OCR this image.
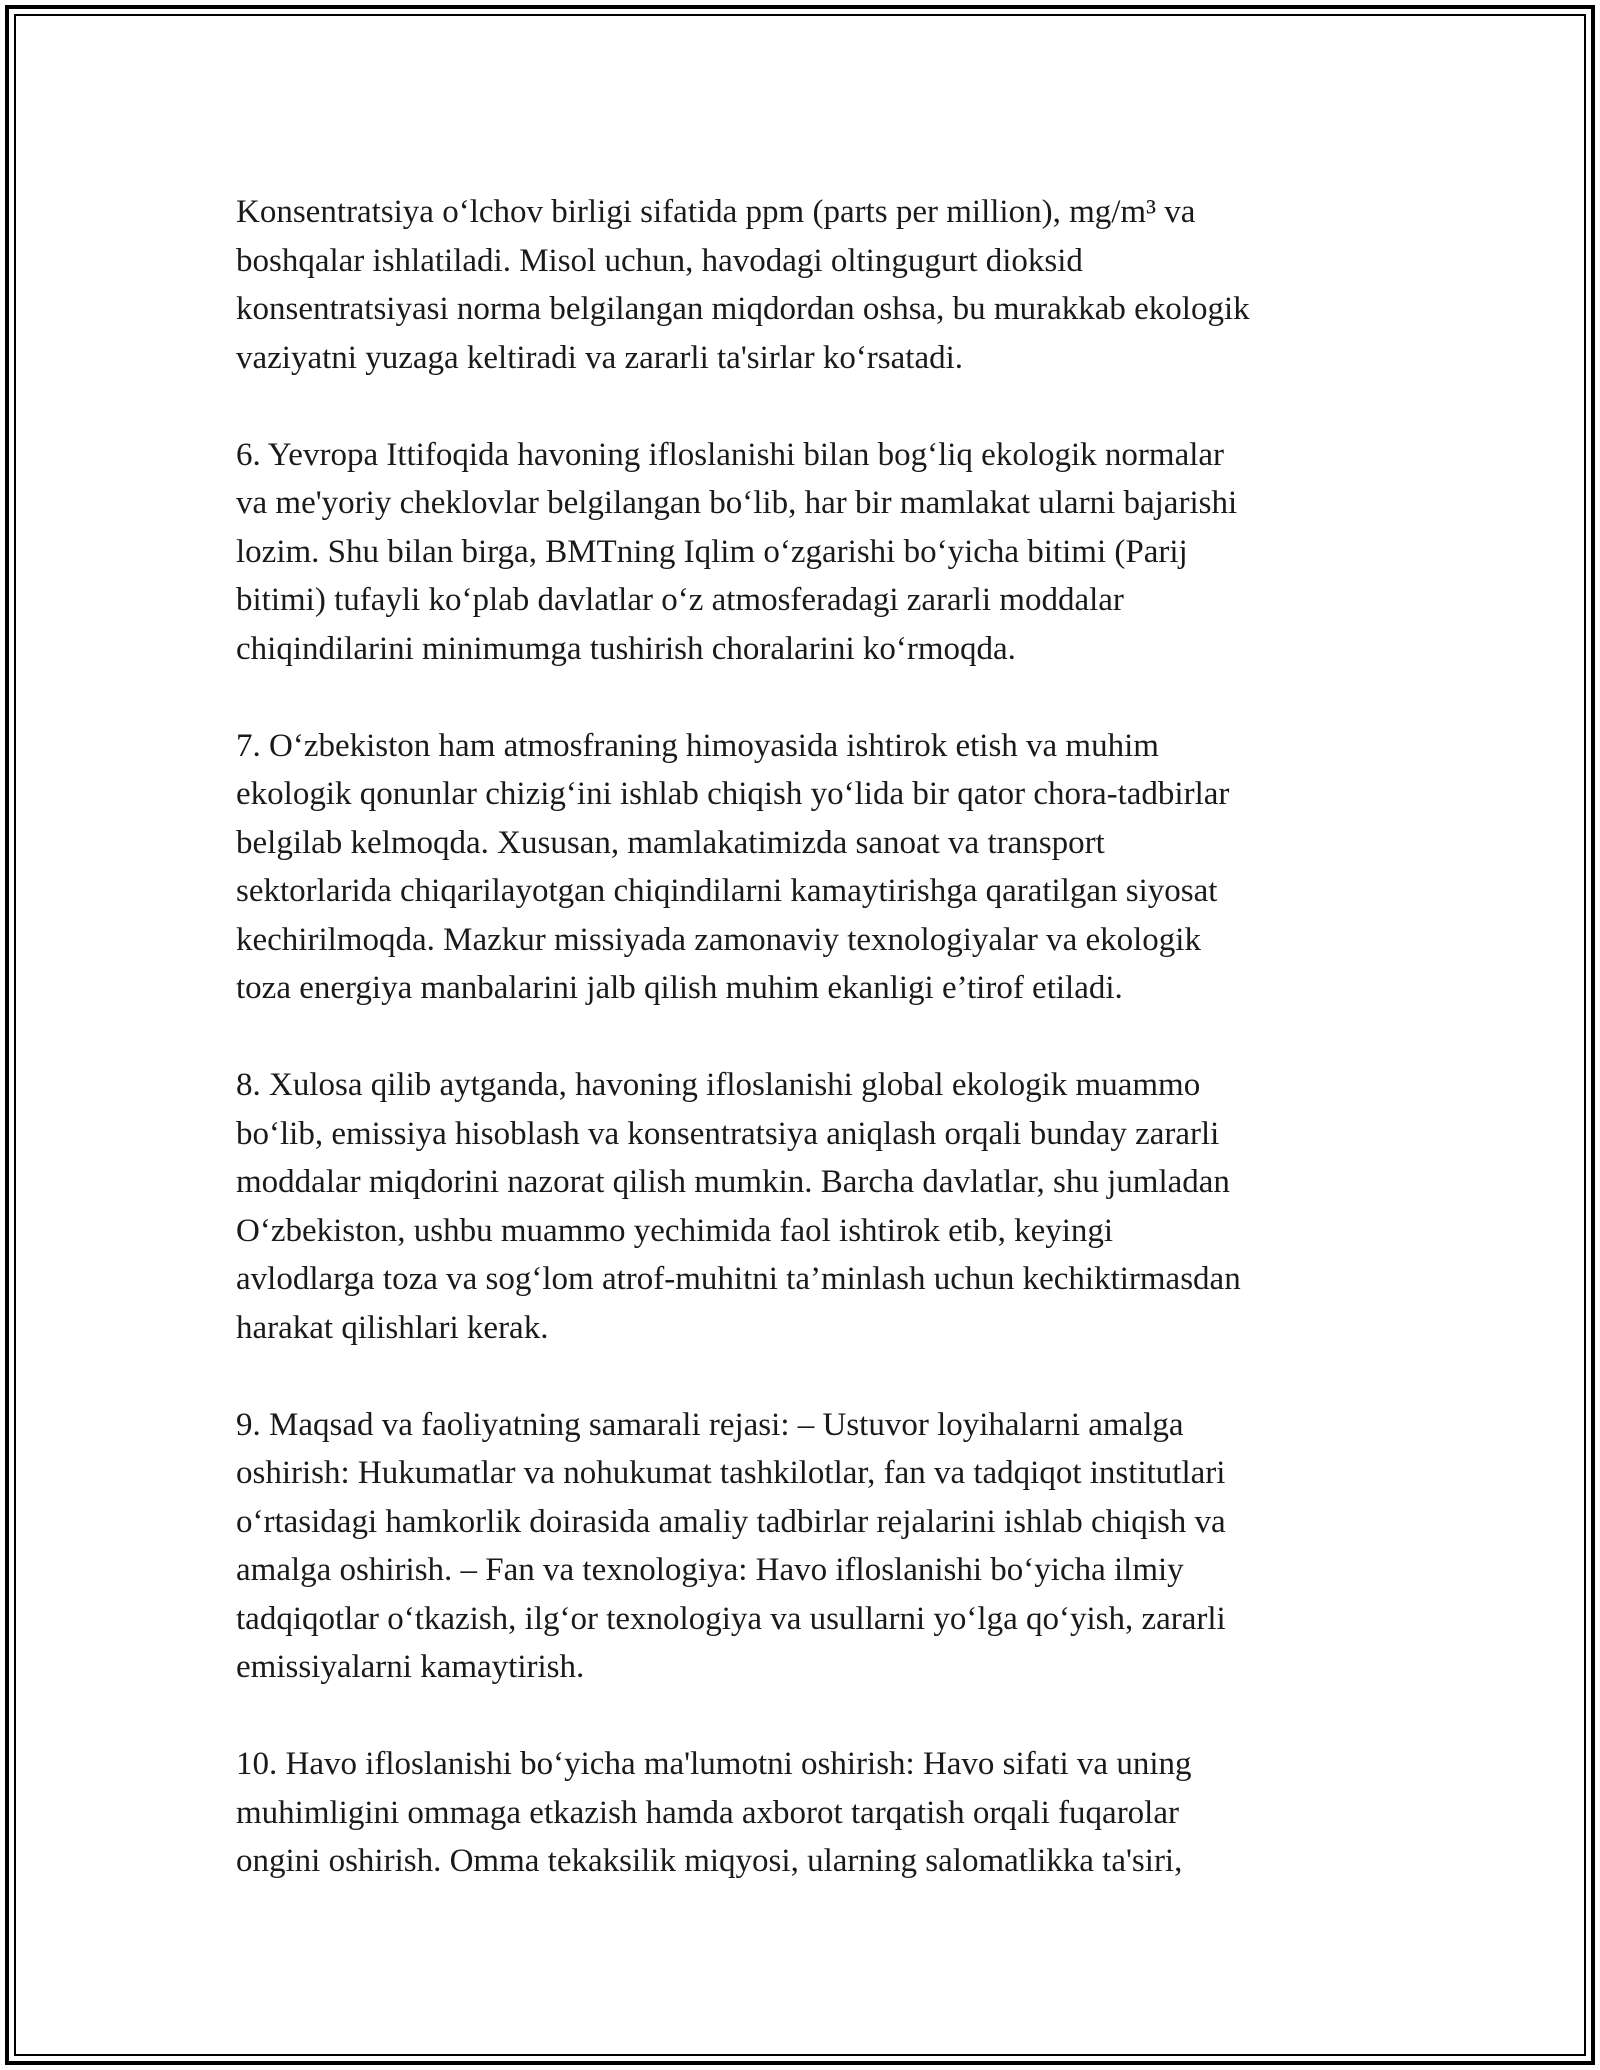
Konsentratsiya o‘lchov birligi sifatida ppm (parts per million), mg/m³ va
boshqalar ishlatiladi. Misol uchun, havodagi oltingugurt dioksid
konsentratsiyasi norma belgilangan miqdordan oshsa, bu murakkab ekologik
vaziyatni yuzaga keltiradi va zararli ta'sirlar ko‘rsatadi.

6. Yevropa Ittifoqida havoning ifloslanishi bilan bog‘liq ekologik normalar
va me'yoriy cheklovlar belgilangan bo‘lib, har bir mamlakat ularni bajarishi
lozim. Shu bilan birga, BMTning Iqlim o‘zgarishi bo‘yicha bitimi (Parij
bitimi) tufayli ko‘plab davlatlar o‘z atmosferadagi zararli moddalar
chiqindilarini minimumga tushirish choralarini ko‘rmoqda.

7. O‘zbekiston ham atmosfraning himoyasida ishtirok etish va muhim
ekologik qonunlar chizig‘ini ishlab chiqish yo‘lida bir qator chora-tadbirlar
belgilab kelmoqda. Xususan, mamlakatimizda sanoat va transport
sektorlarida chiqarilayotgan chiqindilarni kamaytirishga qaratilgan siyosat
kechirilmoqda. Mazkur missiyada zamonaviy texnologiyalar va ekologik
toza energiya manbalarini jalb qilish muhim ekanligi e’tirof etiladi.

8. Xulosa qilib aytganda, havoning ifloslanishi global ekologik muammo
bo‘lib, emissiya hisoblash va konsentratsiya aniqlash orqali bunday zararli
moddalar miqdorini nazorat qilish mumkin. Barcha davlatlar, shu jumladan
O‘zbekiston, ushbu muammo yechimida faol ishtirok etib, keyingi
avlodlarga toza va sog‘lom atrof-muhitni ta’minlash uchun kechiktirmasdan
harakat qilishlari kerak.

9. Maqsad va faoliyatning samarali rejasi: – Ustuvor loyihalarni amalga
oshirish: Hukumatlar va nohukumat tashkilotlar, fan va tadqiqot institutlari
o‘rtasidagi hamkorlik doirasida amaliy tadbirlar rejalarini ishlab chiqish va
amalga oshirish. – Fan va texnologiya: Havo ifloslanishi bo‘yicha ilmiy
tadqiqotlar o‘tkazish, ilg‘or texnologiya va usullarni yo‘lga qo‘yish, zararli
emissiyalarni kamaytirish.

10. Havo ifloslanishi bo‘yicha ma'lumotni oshirish: Havo sifati va uning
muhimligini ommaga etkazish hamda axborot tarqatish orqali fuqarolar
ongini oshirish. Omma tekaksilik miqyosi, ularning salomatlikka ta'siri,
